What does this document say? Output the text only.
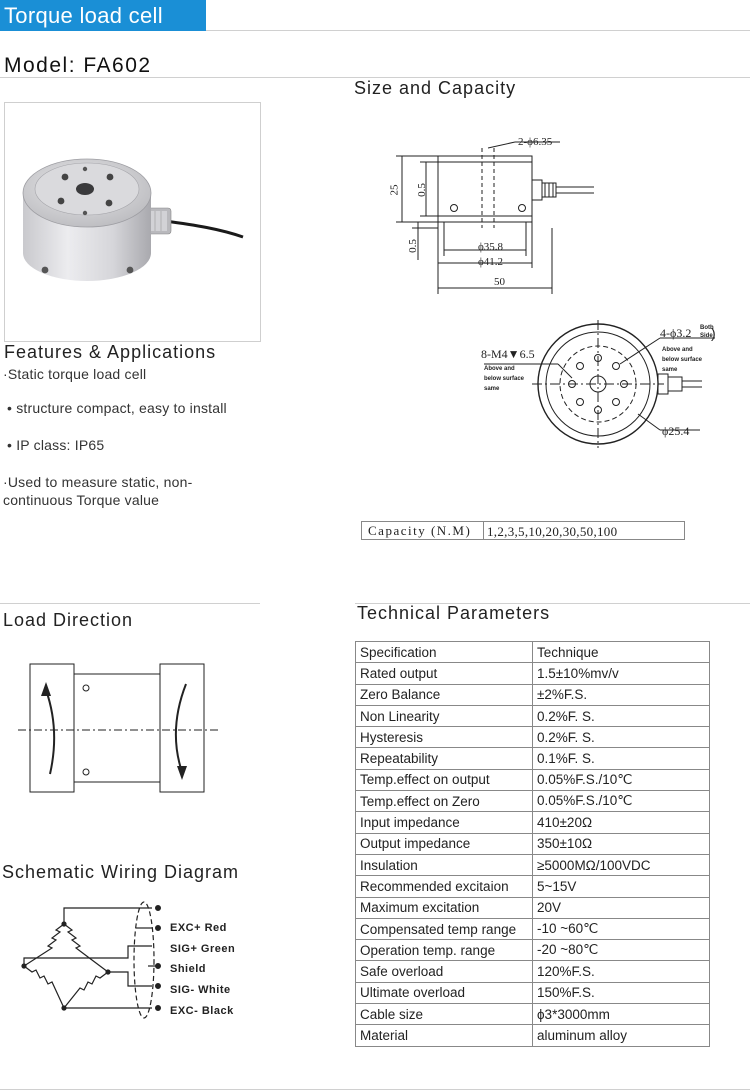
Torque load cell
Model: FA602
Size and Capacity
Features & Applications
·Static torque load cell
• structure compact, easy to install
• IP class: IP65
·Used to measure static, non-
continuous Torque value
2-ϕ6.35
25 0.5
0.5	ϕ35.8
ϕ41.2
50
8-M4▼6.5
Above and
below surface
same
4-ϕ3.2 Both
Side
)
Above and
below surface
same
ϕ25.4
Capacity (N.M)	1,2,3,5,10,20,30,50,100
Load Direction
Schematic Wiring Diagram
EXC+ Red
SIG+ Green
Shield
SIG- White
EXC- Black
Technical Parameters
Specification	Technique
Rated output	1.5±10%mv/v
Zero Balance	±2%F.S.
Non Linearity	0.2%F. S.
Hysteresis	0.2%F. S.
Repeatability	0.1%F. S.
Temp.effect on output	0.05%F.S./10℃
Temp.effect on Zero	0.05%F.S./10℃
Input impedance	410±20Ω
Output impedance	350±10Ω
Insulation	≥5000MΩ/100VDC
Recommended excitaion	5~15V
Maximum excitation	20V
Compensated temp range	-10 ~60℃
Operation temp. range	-20 ~80℃
Safe overload	120%F.S.
Ultimate overload	150%F.S.
Cable size	ϕ3*3000mm
Material	aluminum alloy
